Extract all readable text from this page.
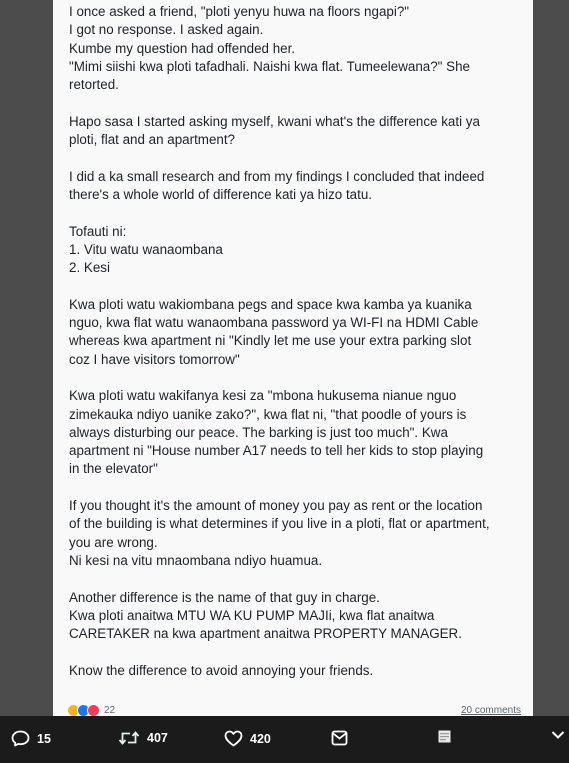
I once asked a friend, "ploti yenyu huwa na floors ngapi?"
I got no response. I asked again.
Kumbe my question had offended her.
"Mimi siishi kwa ploti tafadhali. Naishi kwa flat. Tumeelewana?" She
retorted.

Hapo sasa I started asking myself, kwani what's the difference kati ya
ploti, flat and an apartment?

I did a ka small research and from my findings I concluded that indeed
there's a whole world of difference kati ya hizo tatu.

Tofauti ni:
1. Vitu watu wanaombana
2. Kesi

Kwa ploti watu wakiombana pegs and space kwa kamba ya kuanika
nguo, kwa flat watu wanaombana password ya WI-FI na HDMI Cable
whereas kwa apartment ni "Kindly let me use your extra parking slot
coz I have visitors tomorrow"

Kwa ploti watu wakifanya kesi za "mbona hukusema nianue nguo
zimekauka ndiyo uanike zako?", kwa flat ni, "that poodle of yours is
always disturbing our peace. The barking is just too much". Kwa
apartment ni "House number A17 needs to tell her kids to stop playing
in the elevator"

If you thought it's the amount of money you pay as rent or the location
of the building is what determines if you live in a ploti, flat or apartment,
you are wrong.
Ni kesi na vitu mnaombana ndiyo huamua.

Another difference is the name of that guy in charge.
Kwa ploti anaitwa MTU WA KU PUMP MAJIi, kwa flat anaitwa
CARETAKER na kwa apartment anaitwa PROPERTY MANAGER.

Know the difference to avoid annoying your friends.

22	20 comments
15	407	420
